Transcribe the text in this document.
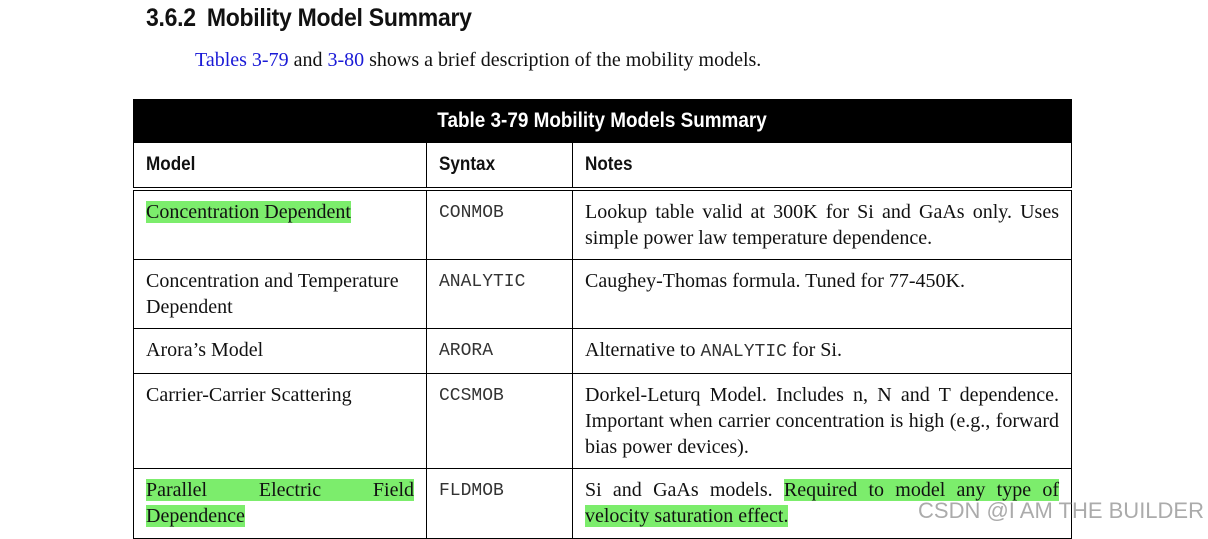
3.6.2 Mobility Model Summary
Tables 3-79 and 3-80 shows a brief description of the mobility models.
Table 3-79 Mobility Models Summary		
Model	Syntax	Notes
Concentration Dependent	CONMOB	Lookup table valid at 300K for Si and GaAs only. Uses simple power law temperature dependence.
Concentration and Temperature Dependent	ANALYTIC	Caughey-Thomas formula. Tuned for 77-450K.
Arora’s Model	ARORA	Alternative to ANALYTIC for Si.
Carrier-Carrier Scattering	CCSMOB	Dorkel-Leturq Model. Includes n, N and T dependence. Important when carrier concentration is high (e.g., forward bias power devices).
Parallel Electric Field Dependence	FLDMOB	Si and GaAs models. Required to model any type of velocity saturation effect.	CSDN @I AM THE BUILDER
